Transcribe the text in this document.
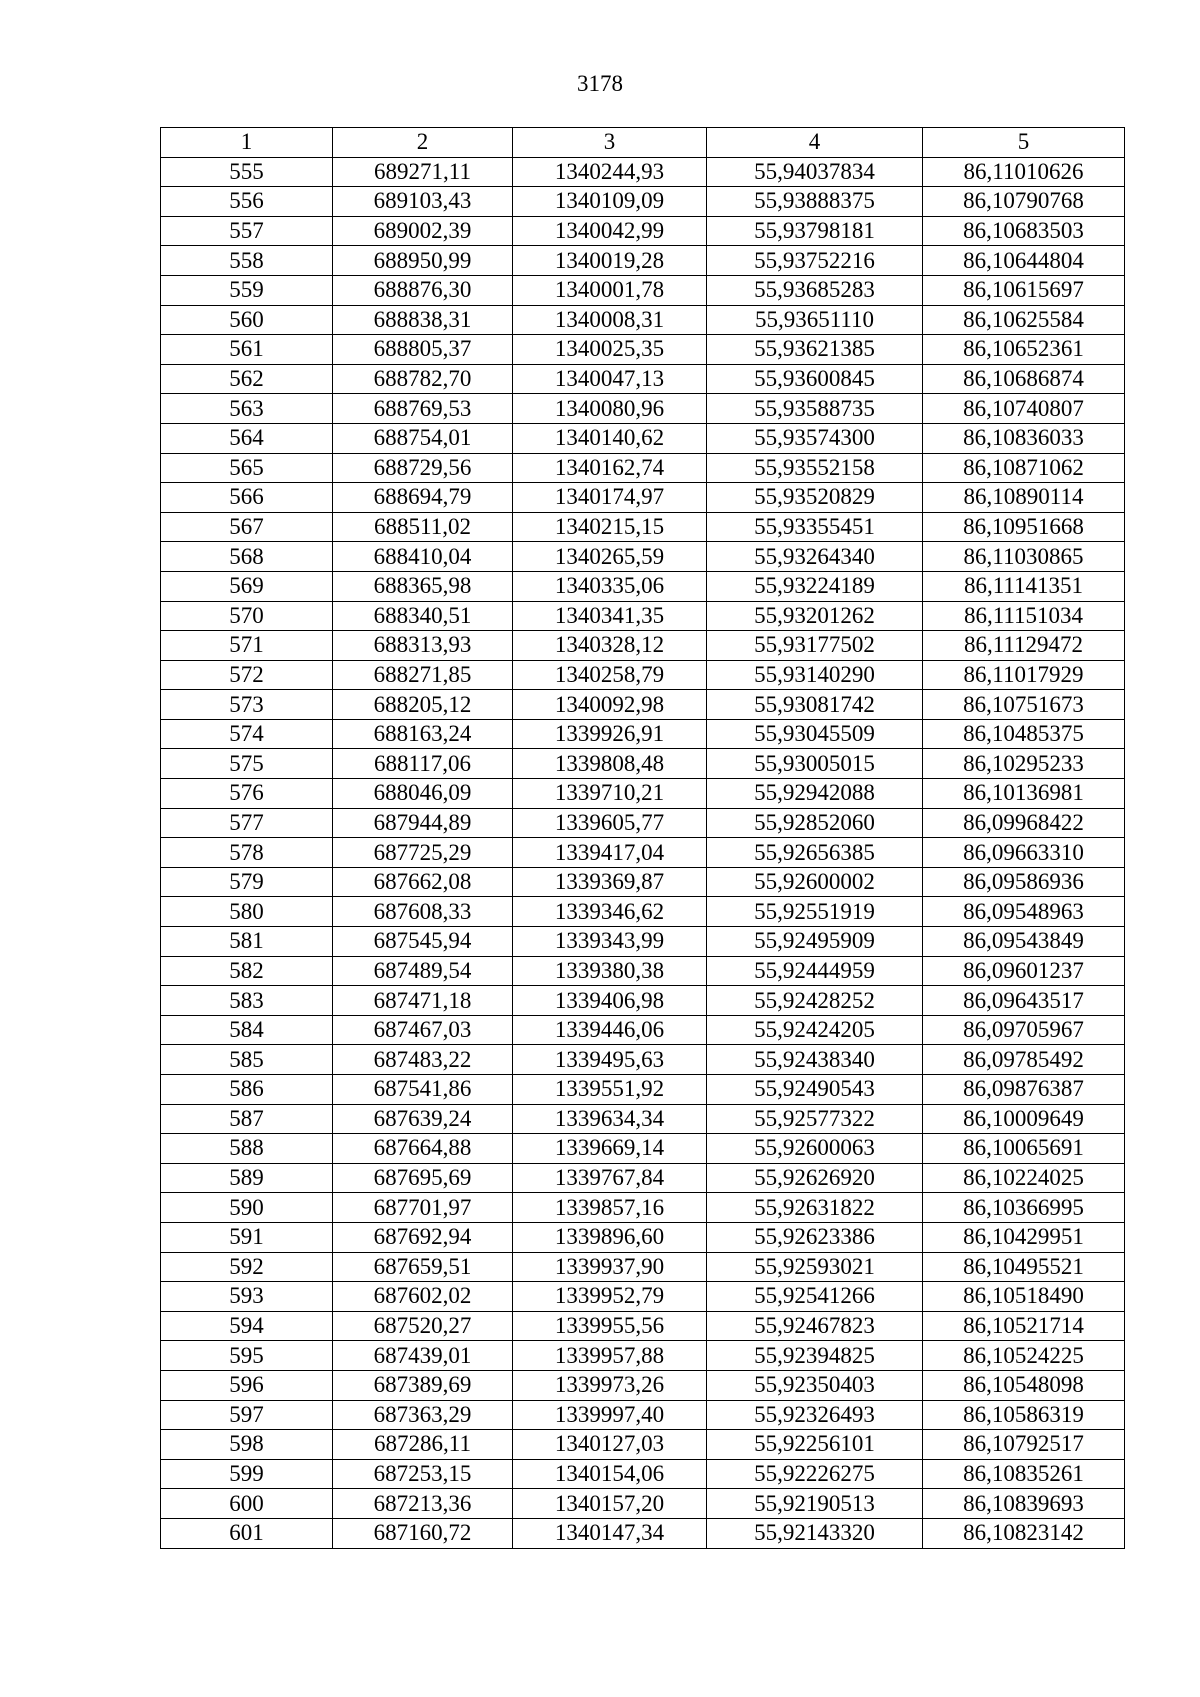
3178
1	2	3	4	5
555	689271,11	1340244,93	55,94037834	86,11010626
556	689103,43	1340109,09	55,93888375	86,10790768
557	689002,39	1340042,99	55,93798181	86,10683503
558	688950,99	1340019,28	55,93752216	86,10644804
559	688876,30	1340001,78	55,93685283	86,10615697
560	688838,31	1340008,31	55,93651110	86,10625584
561	688805,37	1340025,35	55,93621385	86,10652361
562	688782,70	1340047,13	55,93600845	86,10686874
563	688769,53	1340080,96	55,93588735	86,10740807
564	688754,01	1340140,62	55,93574300	86,10836033
565	688729,56	1340162,74	55,93552158	86,10871062
566	688694,79	1340174,97	55,93520829	86,10890114
567	688511,02	1340215,15	55,93355451	86,10951668
568	688410,04	1340265,59	55,93264340	86,11030865
569	688365,98	1340335,06	55,93224189	86,11141351
570	688340,51	1340341,35	55,93201262	86,11151034
571	688313,93	1340328,12	55,93177502	86,11129472
572	688271,85	1340258,79	55,93140290	86,11017929
573	688205,12	1340092,98	55,93081742	86,10751673
574	688163,24	1339926,91	55,93045509	86,10485375
575	688117,06	1339808,48	55,93005015	86,10295233
576	688046,09	1339710,21	55,92942088	86,10136981
577	687944,89	1339605,77	55,92852060	86,09968422
578	687725,29	1339417,04	55,92656385	86,09663310
579	687662,08	1339369,87	55,92600002	86,09586936
580	687608,33	1339346,62	55,92551919	86,09548963
581	687545,94	1339343,99	55,92495909	86,09543849
582	687489,54	1339380,38	55,92444959	86,09601237
583	687471,18	1339406,98	55,92428252	86,09643517
584	687467,03	1339446,06	55,92424205	86,09705967
585	687483,22	1339495,63	55,92438340	86,09785492
586	687541,86	1339551,92	55,92490543	86,09876387
587	687639,24	1339634,34	55,92577322	86,10009649
588	687664,88	1339669,14	55,92600063	86,10065691
589	687695,69	1339767,84	55,92626920	86,10224025
590	687701,97	1339857,16	55,92631822	86,10366995
591	687692,94	1339896,60	55,92623386	86,10429951
592	687659,51	1339937,90	55,92593021	86,10495521
593	687602,02	1339952,79	55,92541266	86,10518490
594	687520,27	1339955,56	55,92467823	86,10521714
595	687439,01	1339957,88	55,92394825	86,10524225
596	687389,69	1339973,26	55,92350403	86,10548098
597	687363,29	1339997,40	55,92326493	86,10586319
598	687286,11	1340127,03	55,92256101	86,10792517
599	687253,15	1340154,06	55,92226275	86,10835261
600	687213,36	1340157,20	55,92190513	86,10839693
601	687160,72	1340147,34	55,92143320	86,10823142
